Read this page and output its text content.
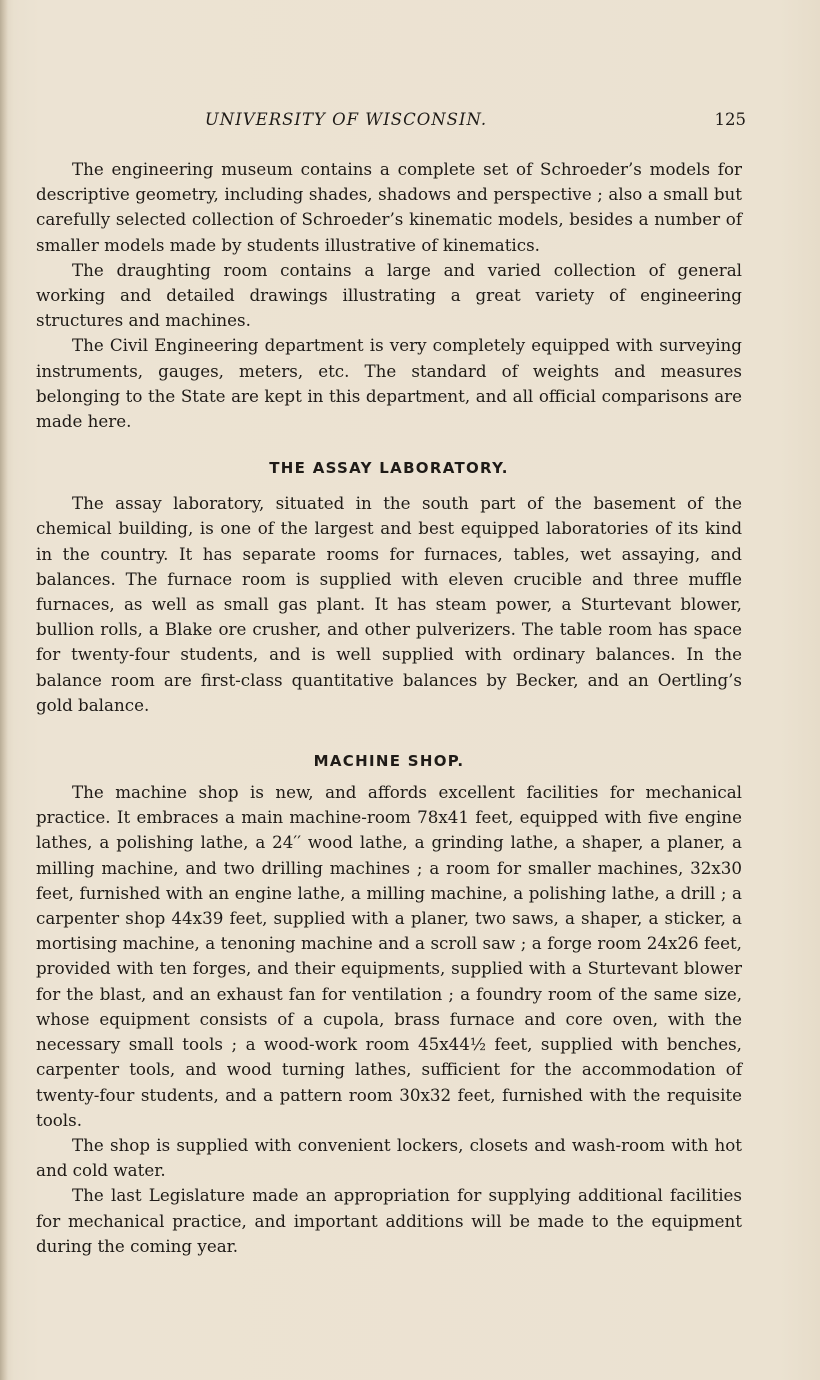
UNIVERSITY OF WISCONSIN.	125

The engineering museum contains a complete set of Schroeder’s models for descriptive geometry, including shades, shadows and perspective ; also a small but carefully selected collection of Schroeder’s kinematic models, besides a number of smaller models made by students illustrative of kinematics.

The draughting room contains a large and varied collection of general working and detailed drawings illustrating a great variety of engineering structures and machines.

The Civil Engineering department is very completely equipped with surveying instruments, gauges, meters, etc. The standard of weights and measures belonging to the State are kept in this department, and all official comparisons are made here.

THE ASSAY LABORATORY.

The assay laboratory, situated in the south part of the basement of the chemical building, is one of the largest and best equipped laboratories of its kind in the country. It has separate rooms for furnaces, tables, wet assaying, and balances. The furnace room is supplied with eleven crucible and three muffle furnaces, as well as small gas plant. It has steam power, a Sturtevant blower, bullion rolls, a Blake ore crusher, and other pulverizers. The table room has space for twenty-four students, and is well supplied with ordinary balances. In the balance room are first-class quantitative balances by Becker, and an Oertling’s gold balance.

MACHINE SHOP.

The machine shop is new, and affords excellent facilities for mechanical practice. It embraces a main machine-room 78x41 feet, equipped with five engine lathes, a polishing lathe, a 24′′ wood lathe, a grinding lathe, a shaper, a planer, a milling machine, and two drilling machines ; a room for smaller machines, 32x30 feet, furnished with an engine lathe, a milling machine, a polishing lathe, a drill ; a carpenter shop 44x39 feet, supplied with a planer, two saws, a shaper, a sticker, a mortising machine, a tenoning machine and a scroll saw ; a forge room 24x26 feet, provided with ten forges, and their equipments, supplied with a Sturtevant blower for the blast, and an exhaust fan for ventilation ; a foundry room of the same size, whose equipment consists of a cupola, brass furnace and core oven, with the necessary small tools ; a wood-work room 45x44½ feet, supplied with benches, carpenter tools, and wood turning lathes, sufficient for the accommodation of twenty-four students, and a pattern room 30x32 feet, furnished with the requisite tools.

The shop is supplied with convenient lockers, closets and wash-room with hot and cold water.

The last Legislature made an appropriation for supplying additional facilities for mechanical practice, and important additions will be made to the equipment during the coming year.
